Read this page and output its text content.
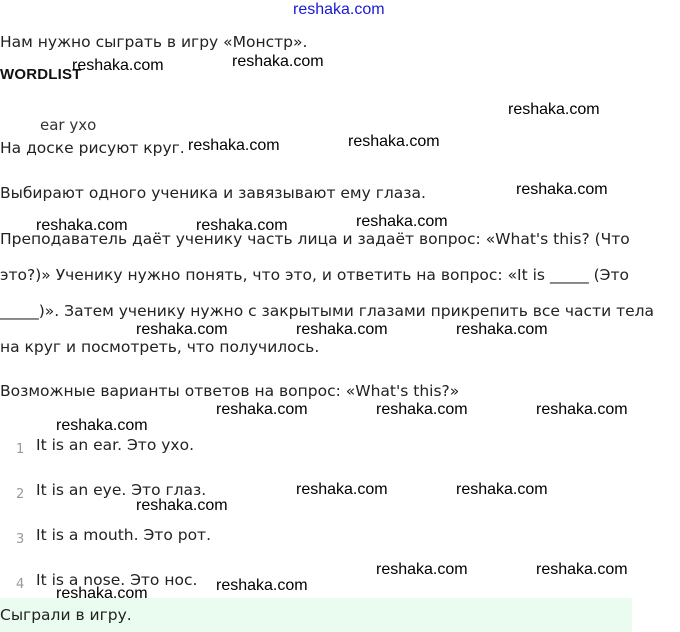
reshaka.com
Нам нужно сыграть в игру «Монстр».
WORDLIST
ear ухо
На доске рисуют круг.
Выбирают одного ученика и завязывают ему глаза.
Преподаватель даёт ученику часть лица и задаёт вопрос: «What's this? (Что
это?)» Ученику нужно понять, что это, и ответить на вопрос: «It is _____ (Это
_____)». Затем ученику нужно с закрытыми глазами прикрепить все части тела
на круг и посмотреть, что получилось.
Возможные варианты ответов на вопрос: «What's this?»
1 It is an ear. Это ухо.
2 It is an eye. Это глаз.
3 It is a mouth. Это рот.
4 It is a nose. Это нос.
Сыграли в игру.
reshaka.com	reshaka.com
reshaka.com
reshaka.com	reshaka.com
reshaka.com
reshaka.com	reshaka.com	reshaka.com
reshaka.com	reshaka.com	reshaka.com
reshaka.com	reshaka.com	reshaka.com
reshaka.com
reshaka.com	reshaka.com
reshaka.com
reshaka.com	reshaka.com
reshaka.com
reshaka.com
